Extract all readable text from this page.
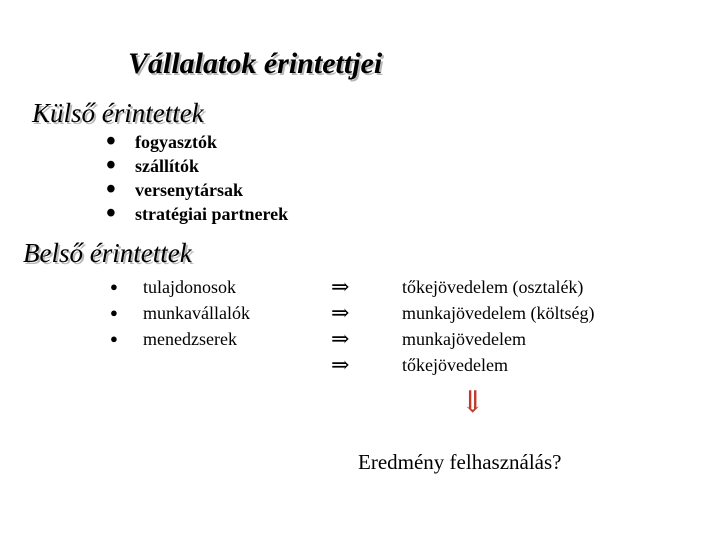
Vállalatok érintettjei
Külső érintettek
• fogyasztók
• szállítók
• versenytársak
• stratégiai partnerek
Belső érintettek
● tulajdonosok
● munkavállalók
● menedzserek
⇒
⇒
⇒
⇒
tőkejövedelem (osztalék)
munkajövedelem (költség)
munkajövedelem
tőkejövedelem
⇓
Eredmény felhasználás?
